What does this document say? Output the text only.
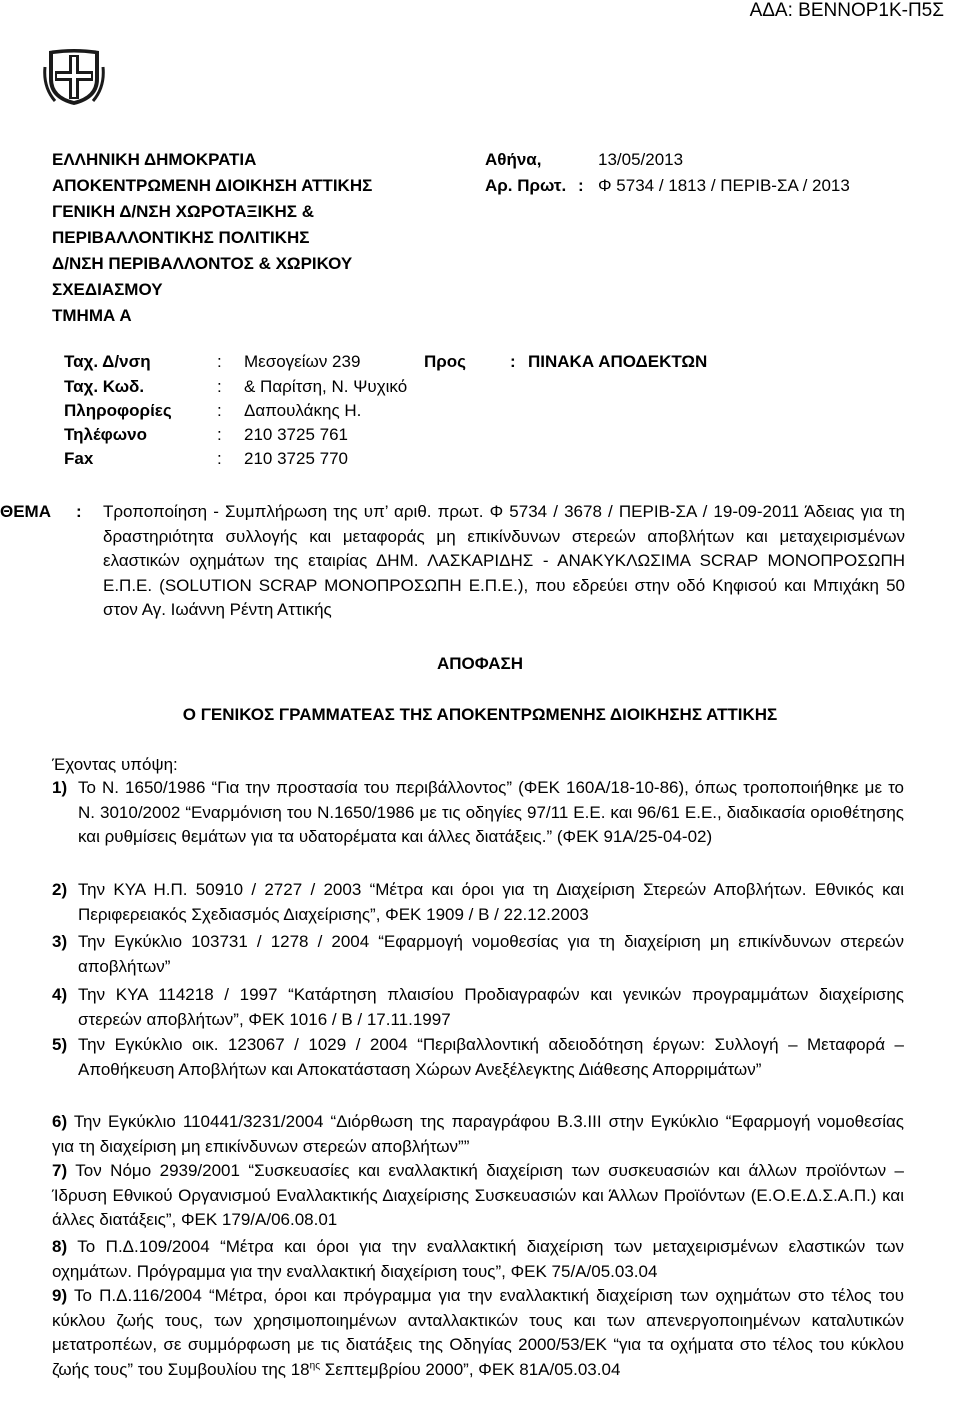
ΑΔΑ: ΒΕΝΝΟΡ1Κ-Π5Σ
ΕΛΛΗΝΙΚΗ ΔΗΜΟΚΡΑΤΙΑ
ΑΠΟΚΕΝΤΡΩΜΕΝΗ ΔΙΟΙΚΗΣΗ ΑΤΤΙΚΗΣ
ΓΕΝΙΚΗ Δ/ΝΣΗ ΧΩΡΟΤΑΞΙΚΗΣ &
ΠΕΡΙΒΑΛΛΟΝΤΙΚΗΣ ΠΟΛΙΤΙΚΗΣ
Δ/ΝΣΗ ΠΕΡΙΒΑΛΛΟΝΤΟΣ & ΧΩΡΙΚΟΥ
ΣΧΕΔΙΑΣΜΟΥ
ΤΜΗΜΑ Α
Αθήνα,	13/05/2013
Αρ. Πρωτ. : Φ 5734 / 1813 / ΠΕΡΙΒ-ΣΑ / 2013
Ταχ. Δ/νση	: Μεσογείων 239
Ταχ. Κωδ.	: & Παρίτση, Ν. Ψυχικό
Πληροφορίες	: Δαπουλάκης Η.
Τηλέφωνο	: 210 3725 761
Fax	: 210 3725 770
Προς	: ΠΙΝΑΚΑ ΑΠΟΔΕΚΤΩΝ
ΘΕΜΑ : Τροποποίηση - Συμπλήρωση της υπ’ αριθ. πρωτ. Φ 5734 / 3678 / ΠΕΡΙΒ-ΣΑ / 19-09-2011 Άδειας για τη δραστηριότητα συλλογής και μεταφοράς μη επικίνδυνων στερεών αποβλήτων και μεταχειρισμένων ελαστικών οχημάτων της εταιρίας ΔΗΜ. ΛΑΣΚΑΡΙΔΗΣ - ΑΝΑΚΥΚΛΩΣΙΜΑ SCRAP ΜΟΝΟΠΡΟΣΩΠΗ Ε.Π.Ε. (SOLUTION SCRAP ΜΟΝΟΠΡΟΣΩΠΗ Ε.Π.Ε.), που εδρεύει στην οδό Κηφισού και Μπιχάκη 50 στον Αγ. Ιωάννη Ρέντη Αττικής
ΑΠΟΦΑΣΗ
Ο ΓΕΝΙΚΟΣ ΓΡΑΜΜΑΤΕΑΣ ΤΗΣ ΑΠΟΚΕΝΤΡΩΜΕΝΗΣ ΔΙΟΙΚΗΣΗΣ ΑΤΤΙΚΗΣ
Έχοντας υπόψη:
1) Το Ν. 1650/1986 “Για την προστασία του περιβάλλοντος” (ΦΕΚ 160Α/18-10-86), όπως τροποποιήθηκε με το Ν. 3010/2002 “Εναρμόνιση του Ν.1650/1986 με τις οδηγίες 97/11 Ε.Ε. και 96/61 Ε.Ε., διαδικασία οριοθέτησης και ρυθμίσεις θεμάτων για τα υδατορέματα και άλλες διατάξεις.” (ΦΕΚ 91Α/25-04-02)
2) Την ΚΥΑ Η.Π. 50910 / 2727 / 2003 “Μέτρα και όροι για τη Διαχείριση Στερεών Αποβλήτων. Εθνικός και Περιφερειακός Σχεδιασμός Διαχείρισης”, ΦΕΚ 1909 / Β / 22.12.2003
3) Την Εγκύκλιο 103731 / 1278 / 2004 “Εφαρμογή νομοθεσίας για τη διαχείριση μη επικίνδυνων στερεών αποβλήτων”
4) Την ΚΥΑ 114218 / 1997 “Κατάρτηση πλαισίου Προδιαγραφών και γενικών προγραμμάτων διαχείρισης στερεών αποβλήτων”, ΦΕΚ 1016 / Β / 17.11.1997
5) Την Εγκύκλιο οικ. 123067 / 1029 / 2004 “Περιβαλλοντική αδειοδότηση έργων: Συλλογή – Μεταφορά – Αποθήκευση Αποβλήτων και Αποκατάσταση Χώρων Ανεξέλεγκτης Διάθεσης Απορριμάτων”
6) Την Εγκύκλιο 110441/3231/2004 “Διόρθωση της παραγράφου Β.3.ΙΙΙ στην Εγκύκλιο “Εφαρμογή νομοθεσίας για τη διαχείριση μη επικίνδυνων στερεών αποβλήτων””
7) Τον Νόμο 2939/2001 “Συσκευασίες και εναλλακτική διαχείριση των συσκευασιών και άλλων προϊόντων – Ίδρυση Εθνικού Οργανισμού Εναλλακτικής Διαχείρισης Συσκευασιών και Άλλων Προϊόντων (Ε.Ο.Ε.Δ.Σ.Α.Π.) και άλλες διατάξεις”, ΦΕΚ 179/Α/06.08.01
8) Το Π.Δ.109/2004 “Μέτρα και όροι για την εναλλακτική διαχείριση των μεταχειρισμένων ελαστικών των οχημάτων. Πρόγραμμα για την εναλλακτική διαχείριση τους”, ΦΕΚ 75/Α/05.03.04
9) Το Π.Δ.116/2004 “Μέτρα, όροι και πρόγραμμα για την εναλλακτική διαχείριση των οχημάτων στο τέλος του κύκλου ζωής τους, των χρησιμοποιημένων ανταλλακτικών τους και των απενεργοποιημένων καταλυτικών μετατροπέων, σε συμμόρφωση με τις διατάξεις της Οδηγίας 2000/53/ΕΚ “για τα οχήματα στο τέλος του κύκλου ζωής τους” του Συμβουλίου της $18^{\eta\varsigma}$ Σεπτεμβρίου 2000”, ΦΕΚ 81Α/05.03.04
